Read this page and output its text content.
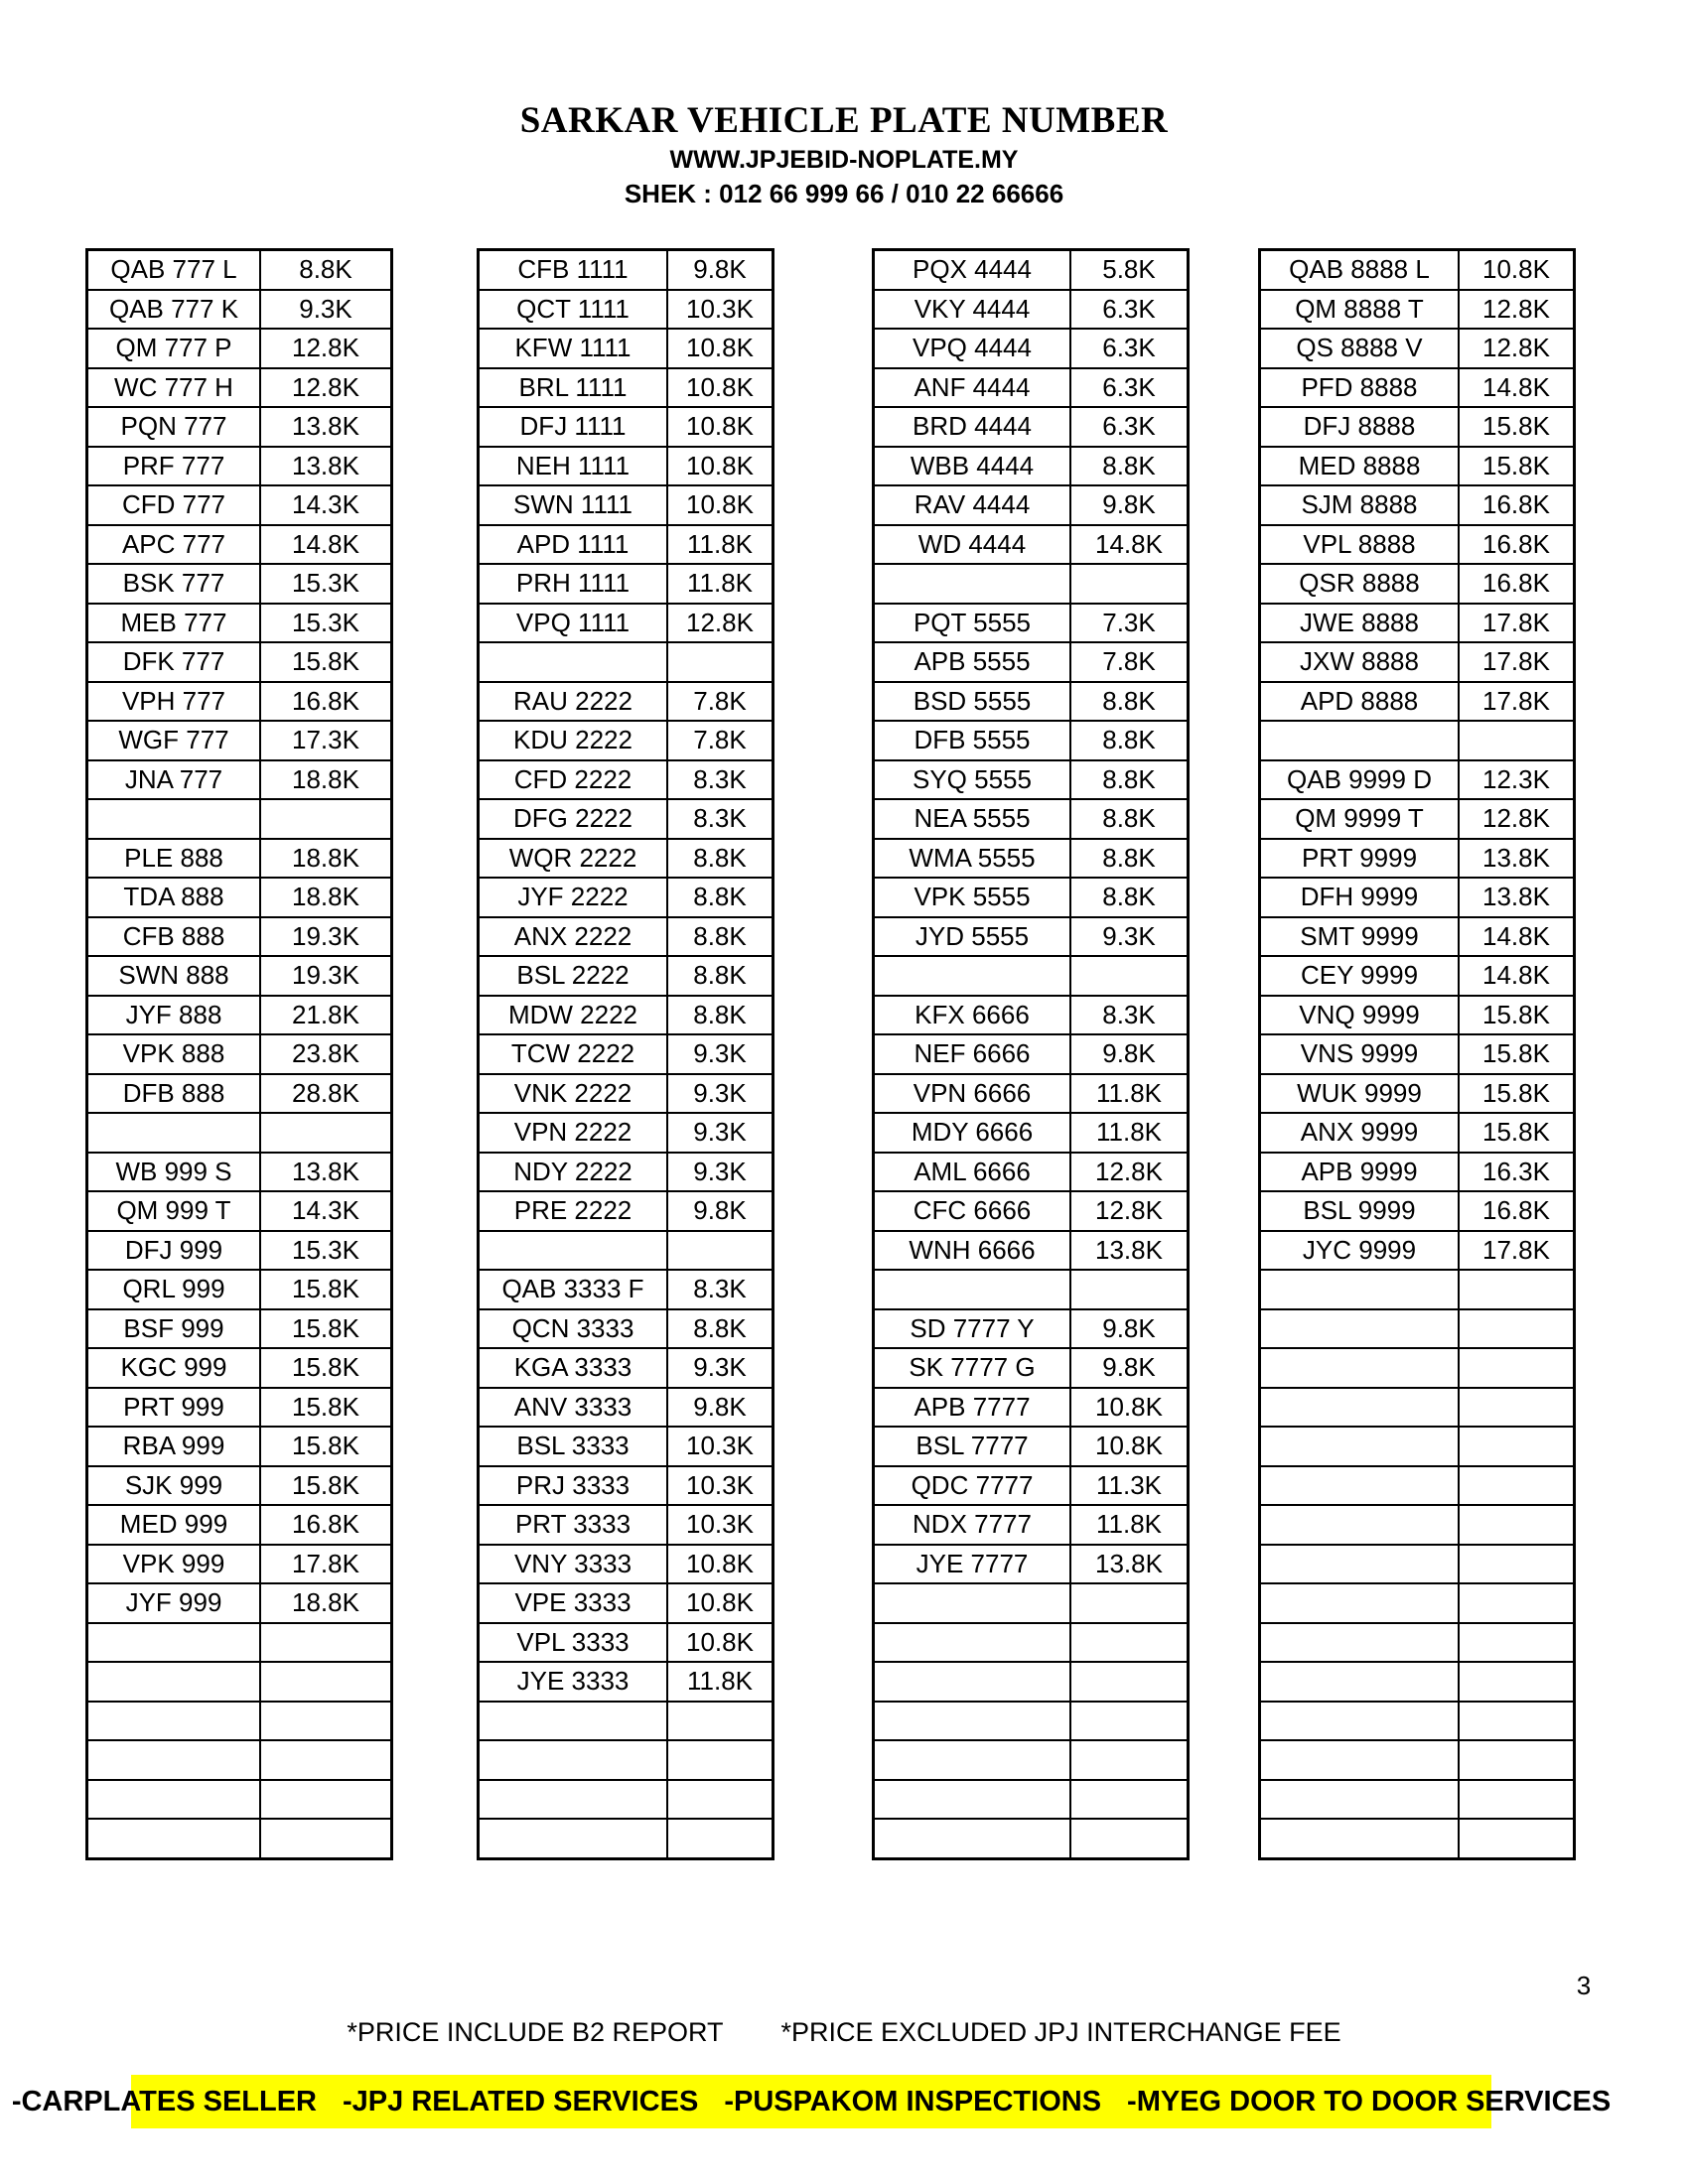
SARKAR VEHICLE PLATE NUMBER
WWW.JPJEBID-NOPLATE.MY
SHEK : 012 66 999 66 / 010 22 66666
QAB 777 L	8.8K
QAB 777 K	9.3K
QM 777 P	12.8K
WC 777 H	12.8K
PQN 777	13.8K
PRF 777	13.8K
CFD 777	14.3K
APC 777	14.8K
BSK 777	15.3K
MEB 777	15.3K
DFK 777	15.8K
VPH 777	16.8K
WGF 777	17.3K
JNA 777	18.8K

PLE 888	18.8K
TDA 888	18.8K
CFB 888	19.3K
SWN 888	19.3K
JYF 888	21.8K
VPK 888	23.8K
DFB 888	28.8K

WB 999 S	13.8K
QM 999 T	14.3K
DFJ 999	15.3K
QRL 999	15.8K
BSF 999	15.8K
KGC 999	15.8K
PRT 999	15.8K
RBA 999	15.8K
SJK 999	15.8K
MED 999	16.8K
VPK 999	17.8K
JYF 999	18.8K

CFB 1111	9.8K
QCT 1111	10.3K
KFW 1111	10.8K
BRL 1111	10.8K
DFJ 1111	10.8K
NEH 1111	10.8K
SWN 1111	10.8K
APD 1111	11.8K
PRH 1111	11.8K
VPQ 1111	12.8K

RAU 2222	7.8K
KDU 2222	7.8K
CFD 2222	8.3K
DFG 2222	8.3K
WQR 2222	8.8K
JYF 2222	8.8K
ANX 2222	8.8K
BSL 2222	8.8K
MDW 2222	8.8K
TCW 2222	9.3K
VNK 2222	9.3K
VPN 2222	9.3K
NDY 2222	9.3K
PRE 2222	9.8K

QAB 3333 F	8.3K
QCN 3333	8.8K
KGA 3333	9.3K
ANV 3333	9.8K
BSL 3333	10.3K
PRJ 3333	10.3K
PRT 3333	10.3K
VNY 3333	10.8K
VPE 3333	10.8K
VPL 3333	10.8K
JYE 3333	11.8K

PQX 4444	5.8K
VKY 4444	6.3K
VPQ 4444	6.3K
ANF 4444	6.3K
BRD 4444	6.3K
WBB 4444	8.8K
RAV 4444	9.8K
WD 4444	14.8K

PQT 5555	7.3K
APB 5555	7.8K
BSD 5555	8.8K
DFB 5555	8.8K
SYQ 5555	8.8K
NEA 5555	8.8K
WMA 5555	8.8K
VPK 5555	8.8K
JYD 5555	9.3K

KFX 6666	8.3K
NEF 6666	9.8K
VPN 6666	11.8K
MDY 6666	11.8K
AML 6666	12.8K
CFC 6666	12.8K
WNH 6666	13.8K

SD 7777 Y	9.8K
SK 7777 G	9.8K
APB 7777	10.8K
BSL 7777	10.8K
QDC 7777	11.3K
NDX 7777	11.8K
JYE 7777	13.8K

QAB 8888 L	10.8K
QM 8888 T	12.8K
QS 8888 V	12.8K
PFD 8888	14.8K
DFJ 8888	15.8K
MED 8888	15.8K
SJM 8888	16.8K
VPL 8888	16.8K
QSR 8888	16.8K
JWE 8888	17.8K
JXW 8888	17.8K
APD 8888	17.8K

QAB 9999 D	12.3K
QM 9999 T	12.8K
PRT 9999	13.8K
DFH 9999	13.8K
SMT 9999	14.8K
CEY 9999	14.8K
VNQ 9999	15.8K
VNS 9999	15.8K
WUK 9999	15.8K
ANX 9999	15.8K
APB 9999	16.3K
BSL 9999	16.8K
JYC 9999	17.8K

3
*PRICE INCLUDE B2 REPORT *PRICE EXCLUDED JPJ INTERCHANGE FEE
-CARPLATES SELLER -JPJ RELATED SERVICES -PUSPAKOM INSPECTIONS -MYEG DOOR TO DOOR SERVICES
